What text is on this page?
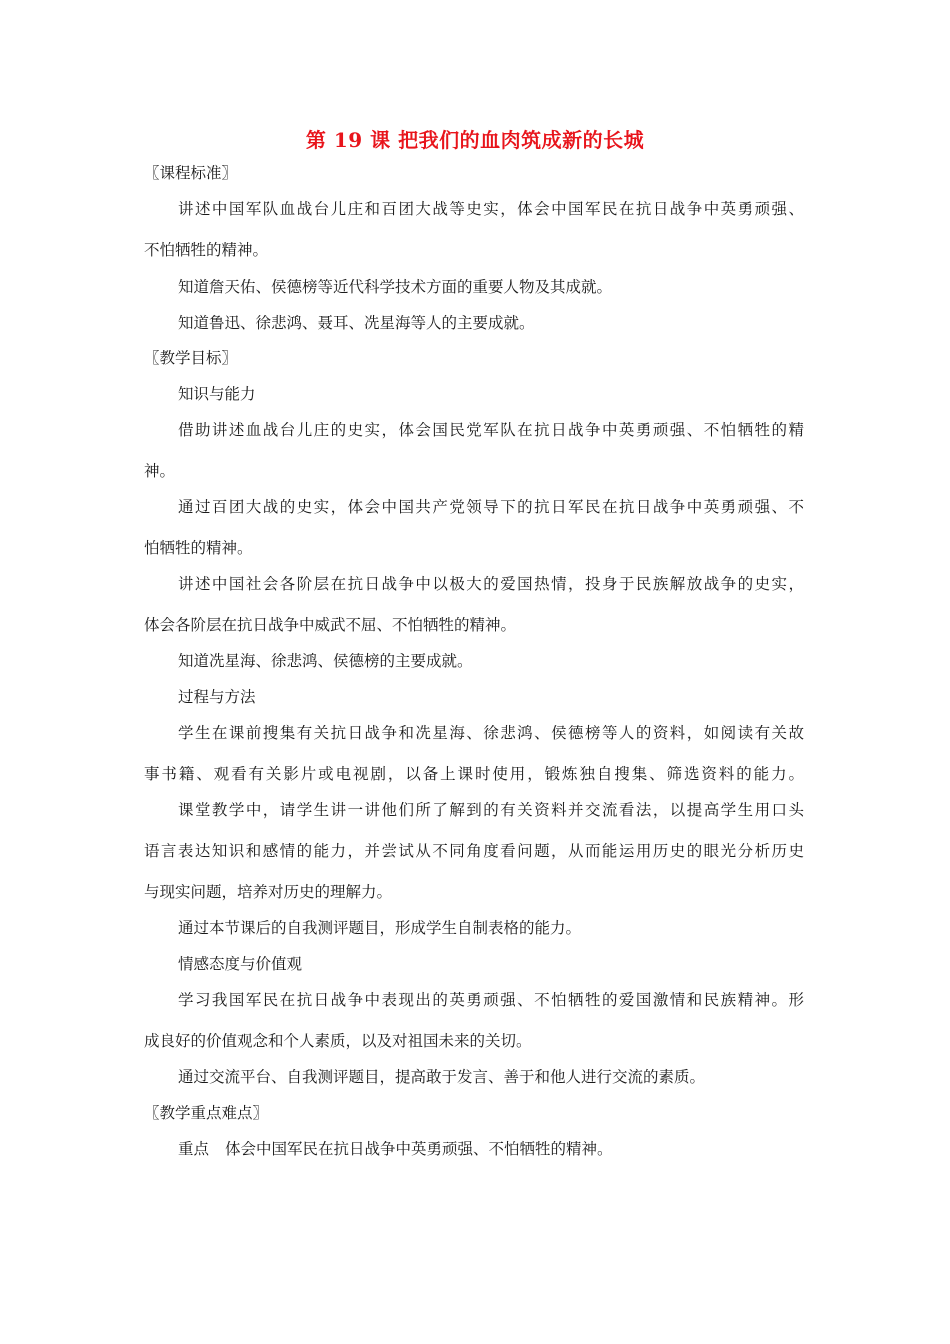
第 19 课 把我们的血肉筑成新的长城
〖课程标准〗
讲述中国军队血战台儿庄和百团大战等史实，体会中国军民在抗日战争中英勇顽强、
不怕牺牲的精神。
知道詹天佑、侯德榜等近代科学技术方面的重要人物及其成就。
知道鲁迅、徐悲鸿、聂耳、冼星海等人的主要成就。
〖教学目标〗
知识与能力
借助讲述血战台儿庄的史实，体会国民党军队在抗日战争中英勇顽强、不怕牺牲的精
神。
通过百团大战的史实，体会中国共产党领导下的抗日军民在抗日战争中英勇顽强、不
怕牺牲的精神。
讲述中国社会各阶层在抗日战争中以极大的爱国热情，投身于民族解放战争的史实，
体会各阶层在抗日战争中威武不屈、不怕牺牲的精神。
知道冼星海、徐悲鸿、侯德榜的主要成就。
过程与方法
学生在课前搜集有关抗日战争和冼星海、徐悲鸿、侯德榜等人的资料，如阅读有关故
事书籍、观看有关影片或电视剧，以备上课时使用，锻炼独自搜集、筛选资料的能力。
课堂教学中，请学生讲一讲他们所了解到的有关资料并交流看法，以提高学生用口头
语言表达知识和感情的能力，并尝试从不同角度看问题，从而能运用历史的眼光分析历史
与现实问题，培养对历史的理解力。
通过本节课后的自我测评题目，形成学生自制表格的能力。
情感态度与价值观
学习我国军民在抗日战争中表现出的英勇顽强、不怕牺牲的爱国激情和民族精神。形
成良好的价值观念和个人素质，以及对祖国未来的关切。
通过交流平台、自我测评题目，提高敢于发言、善于和他人进行交流的素质。
〖教学重点难点〗
重点 体会中国军民在抗日战争中英勇顽强、不怕牺牲的精神。
